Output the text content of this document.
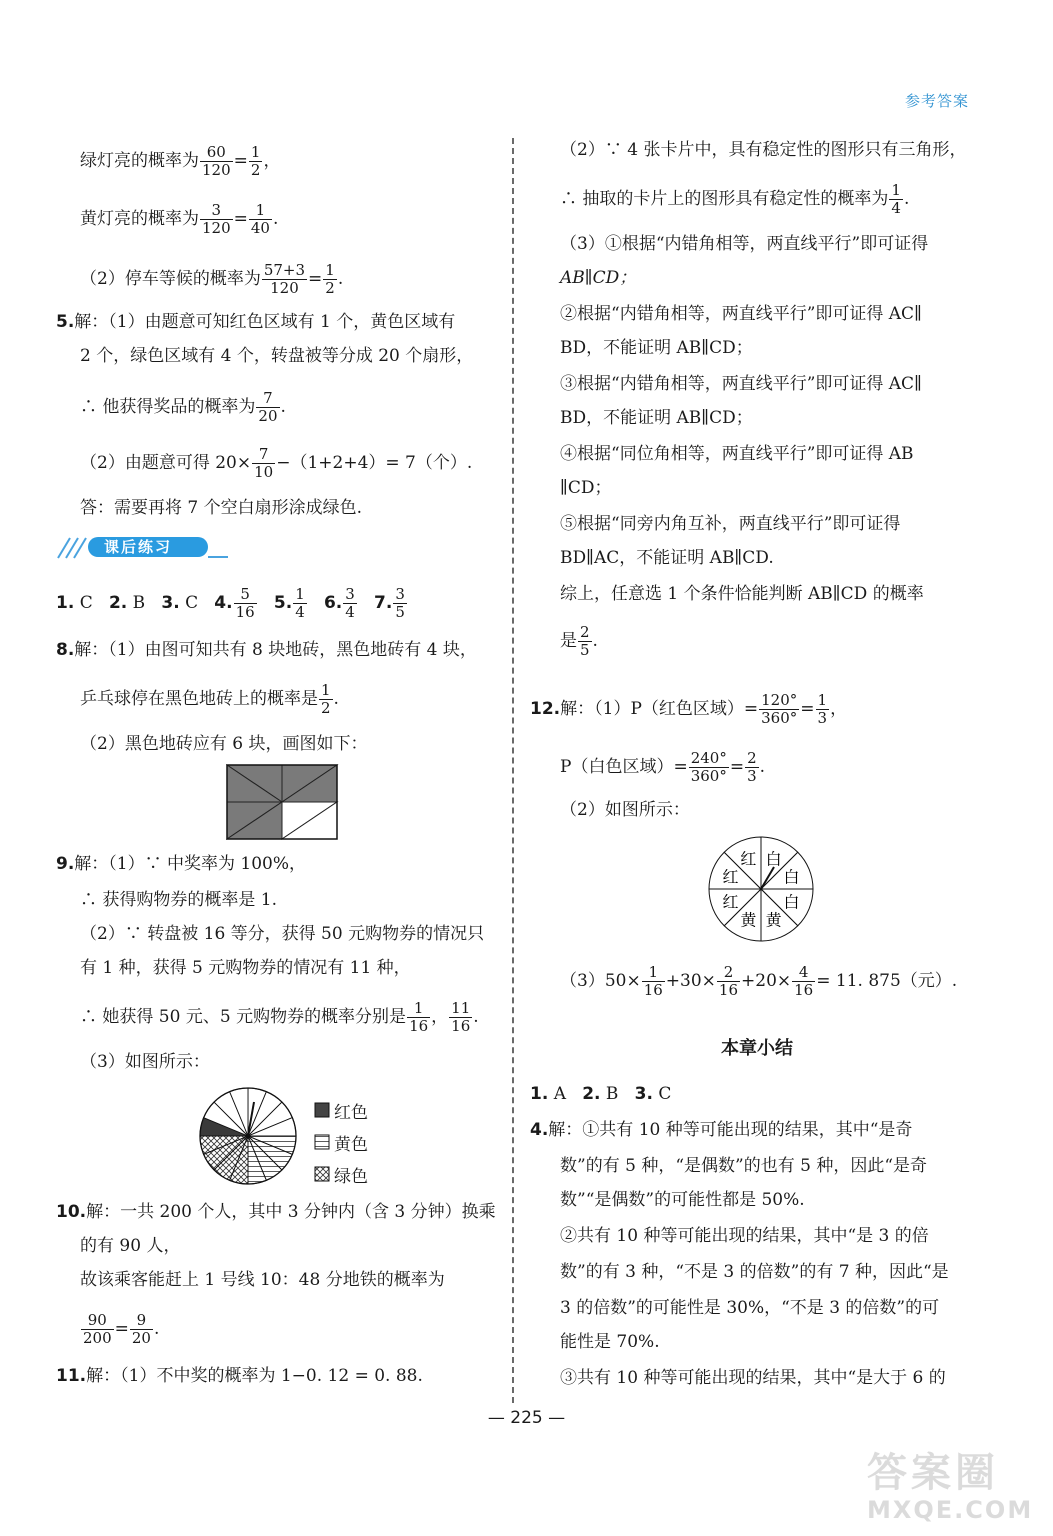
参考答案
绿灯亮的概率为 $\frac{60}{120} = \frac{1}{2}$ ，
黄灯亮的概率为 $\frac{3}{120} = \frac{1}{40}$ .
（2）停车等候的概率为 $\frac{57+3}{120} = \frac{1}{2}$ .
5.解：（1）由题意可知红色区域有 1 个，黄色区域有
2 个，绿色区域有 4 个，转盘被等分成 20 个扇形，
∴ 他获得奖品的概率为 $\frac{7}{20}$ .
（2）由题意可得 $20\times \frac{7}{10} -(1+2+4)= 7$（个）.
答：需要再将 7 个空白扇形涂成绿色.
课后练习
1. C 2. B 3. C 4. $\frac{5}{16} 5$. $\frac{1}{4} 6$. $\frac{3}{4} 7$. $\frac{3}{5}$
8.解：（1）由图可知共有 8 块地砖，黑色地砖有 4 块，
乒乓球停在黑色地砖上的概率是 $\frac{1}{2}$ .
（2）黑色地砖应有 6 块，画图如下：
9.解：（1）∵ 中奖率为 100%，
∴ 获得购物券的概率是 1.
（2）∵ 转盘被 16 等分，获得 50 元购物券的情况只
有 1 种，获得 5 元购物券的情况有 11 种，
∴ 她获得 50 元、5 元购物券的概率分别是 $\frac{1}{16}$ ， $\frac{11}{16}$ .
（3）如图所示：
红色
黄色
绿色
10.解：一共 200 个人，其中 3 分钟内（含 3 分钟）换乘
的有 90 人，
故该乘客能赶上 1 号线 10：48 分地铁的概率为
$\frac{90}{200} = \frac{9}{20}$ .
11.解：（1）不中奖的概率为 1−0. 12 = 0. 88.
（2）∵ 4 张卡片中，具有稳定性的图形只有三角形，
∴ 抽取的卡片上的图形具有稳定性的概率为 $\frac{1}{4}$ .
（3）①根据“内错角相等，两直线平行”即可证得
AB∥CD；
②根据“内错角相等，两直线平行”即可证得 AC∥
BD，不能证明 AB∥CD；
③根据“内错角相等，两直线平行”即可证得 AC∥
BD，不能证明 AB∥CD；
④根据“同位角相等，两直线平行”即可证得 AB
∥CD；
⑤根据“同旁内角互补，两直线平行”即可证得
BD∥AC，不能证明 AB∥CD.
综上，任意选 1 个条件恰能判断 AB∥CD 的概率
是 $\frac{2}{5}$ .
12.解：（1）P（红色区域）= $\frac{120^\circ}{360^\circ} = \frac{1}{3}$ ，
P（白色区域）= $\frac{240^\circ}{360^\circ} = \frac{2}{3}$ .
（2）如图所示：
红 白
红	白
红	白
黄 黄
$(3)50\times \frac{1}{16} +30\times \frac{2}{16} +20\times \frac{4}{16} = 11$. 875（元）.
本章小结
1. A 2. B 3. C
4.解：①共有 10 种等可能出现的结果，其中“是奇
数”的有 5 种，“是偶数”的也有 5 种，因此“是奇
数”“是偶数”的可能性都是 50%.
②共有 10 种等可能出现的结果，其中“是 3 的倍
数”的有 3 种，“不是 3 的倍数”的有 7 种，因此“是
3 的倍数”的可能性是 30%，“不是 3 的倍数”的可
能性是 70%.
③共有 10 种等可能出现的结果，其中“是大于 6 的
— 225 —
答案圈
MXQE.COM
